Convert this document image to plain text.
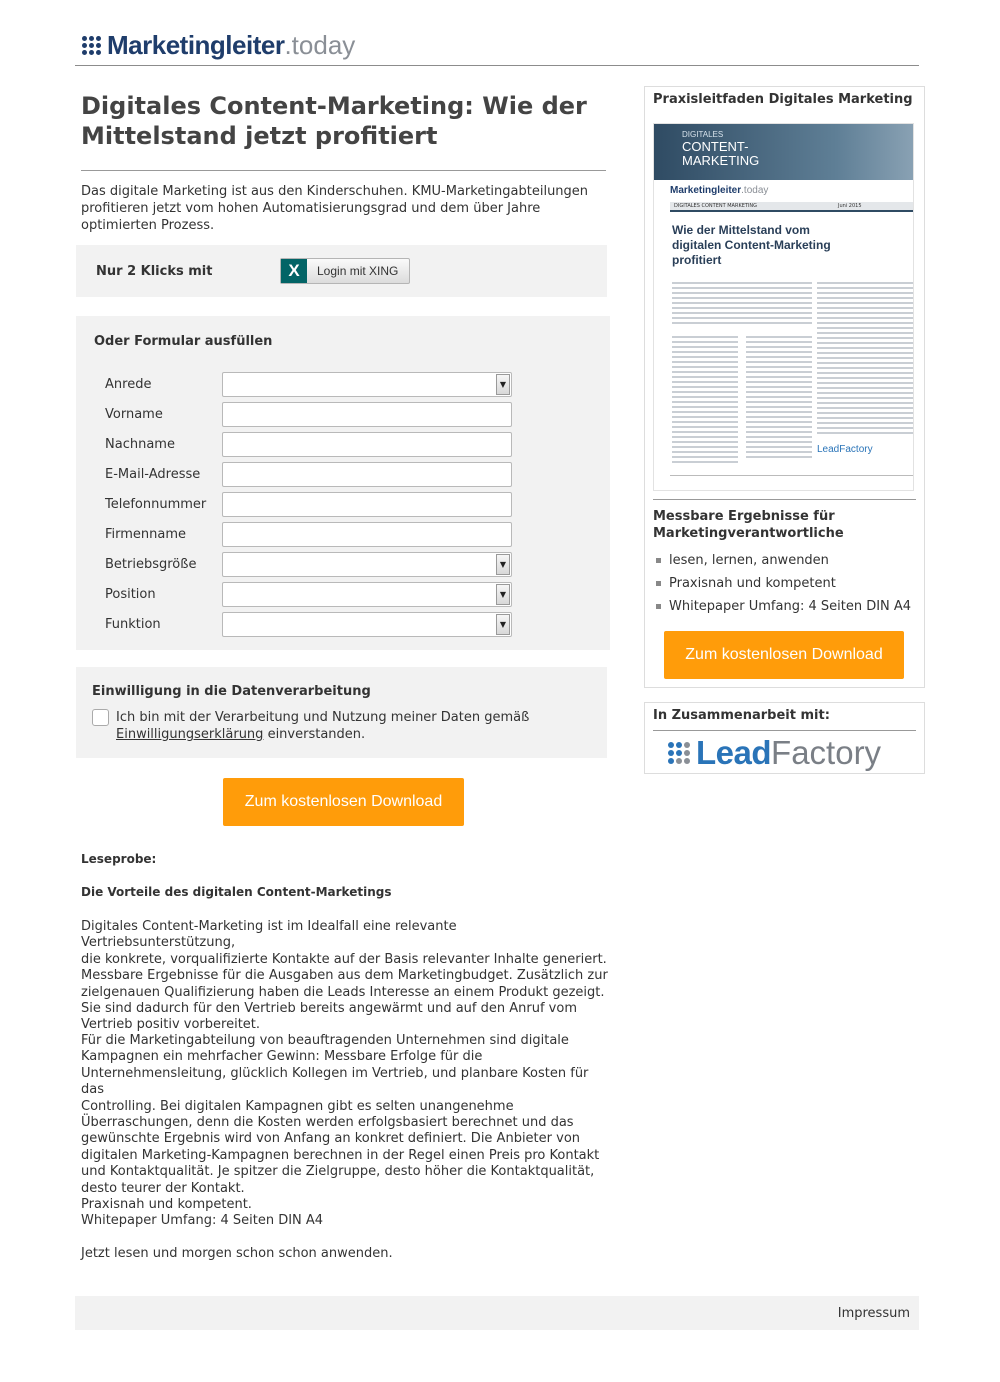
Marketingleiter .today
Digitales Content-Marketing: Wie der Mittelstand jetzt profitiert
Das digitale Marketing ist aus den Kinderschuhen. KMU-Marketingabteilungen profitieren jetzt vom hohen Automatisierungsgrad und dem über Jahre optimierten Prozess.
Nur 2 Klicks mit	X	Login mit XING
Oder Formular ausfüllen
Anrede	▼
Vorname
Nachname
E-Mail-Adresse
Telefonnummer
Firmenname
Betriebsgröße	▼
Position	▼
Funktion	▼
Einwilligung in die Datenverarbeitung
Ich bin mit der Verarbeitung und Nutzung meiner Daten gemäß Einwilligungserklärung einverstanden.
Zum kostenlosen Download
Leseprobe:
Die Vorteile des digitalen Content-Marketings
Digitales Content-Marketing ist im Idealfall eine relevante Vertriebsunterstützung,
die konkrete, vorqualifizierte Kontakte auf der Basis relevanter Inhalte generiert.
Messbare Ergebnisse für die Ausgaben aus dem Marketingbudget. Zusätzlich zur
zielgenauen Qualifizierung haben die Leads Interesse an einem Produkt gezeigt.
Sie sind dadurch für den Vertrieb bereits angewärmt und auf den Anruf vom
Vertrieb positiv vorbereitet.
Für die Marketingabteilung von beauftragenden Unternehmen sind digitale
Kampagnen ein mehrfacher Gewinn: Messbare Erfolge für die
Unternehmensleitung, glücklich Kollegen im Vertrieb, und planbare Kosten für das
Controlling. Bei digitalen Kampagnen gibt es selten unangenehme
Überraschungen, denn die Kosten werden erfolgsbasiert berechnet und das
gewünschte Ergebnis wird von Anfang an konkret definiert. Die Anbieter von
digitalen Marketing-Kampagnen berechnen in der Regel einen Preis pro Kontakt
und Kontaktqualität. Je spitzer die Zielgruppe, desto höher die Kontaktqualität,
desto teurer der Kontakt.
Praxisnah und kompetent.
Whitepaper Umfang: 4 Seiten DIN A4
Jetzt lesen und morgen schon schon anwenden.
Impressum
Praxisleitfaden Digitales Marketing
DIGITALES
CONTENT-
MARKETING
Marketingleiter.today
DIGITALES CONTENT MARKETING	Juni 2015
Wie der Mittelstand vom digitalen Content-Marketing profitiert
LeadFactory
Messbare Ergebnisse für Marketingverantwortliche
lesen, lernen, anwenden
Praxisnah und kompetent
Whitepaper Umfang: 4 Seiten DIN A4
Zum kostenlosen Download
In Zusammenarbeit mit:
Lead Factory
